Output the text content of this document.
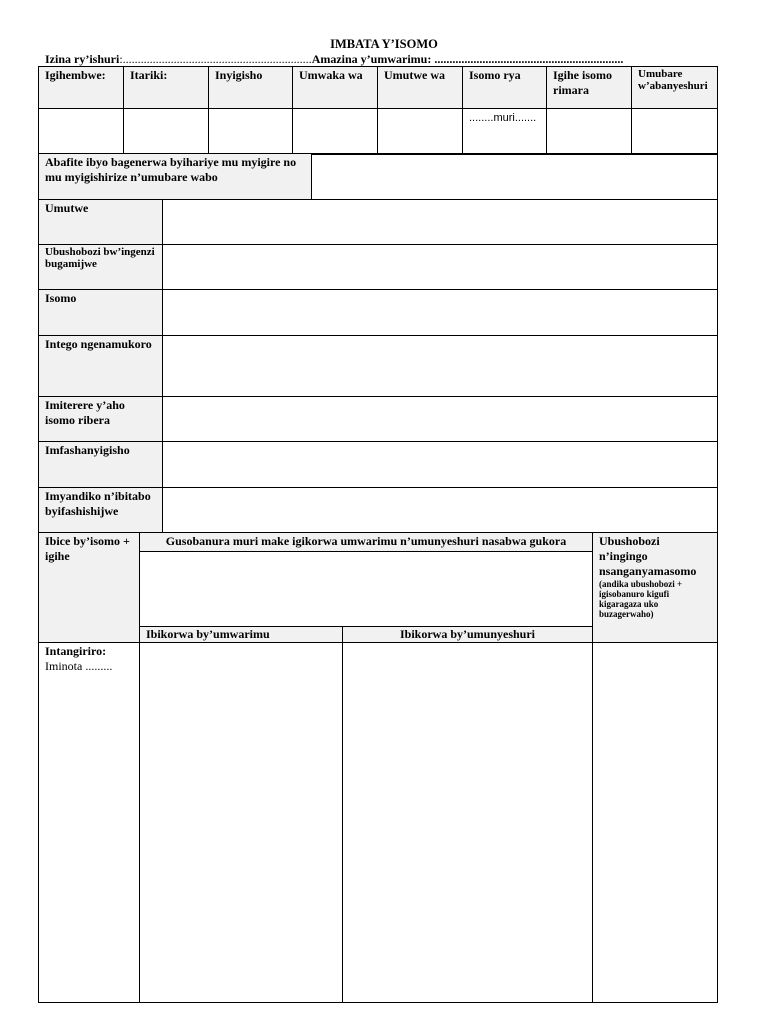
IMBATA Y’ISOMO
Izina ry’ishuri:...............................................................Amazina y’umwarimu: ...............................................................
Igihembwe:	Itariki:	Inyigisho	Umwaka wa	Umutwe wa	Isomo rya	Igihe isomo rimara	Umubare w’abanyeshuri
					........muri.......		
Abafite ibyo bagenerwa byihariye mu myigire no mu myigishirize n’umubare wabo	
Umutwe	
Ubushobozi bw’ingenzi bugamijwe	
Isomo	
Intego ngenamukoro	
Imiterere y’aho isomo ribera	
Imfashanyigisho	
Imyandiko n’ibitabo byifashishijwe	
Ibice by’isomo + igihe	Gusobanura muri make igikorwa umwarimu n’umunyeshuri nasabwa gukora		Ubushobozi n’ingingo nsanganyamasomo
(andika ubushobozi + igisobanuro kigufi kigaragaza uko buzagerwaho)

	Ibikorwa by’umwarimu	Ibikorwa by’umunyeshuri	
Intangiriro:
Iminota .........			
